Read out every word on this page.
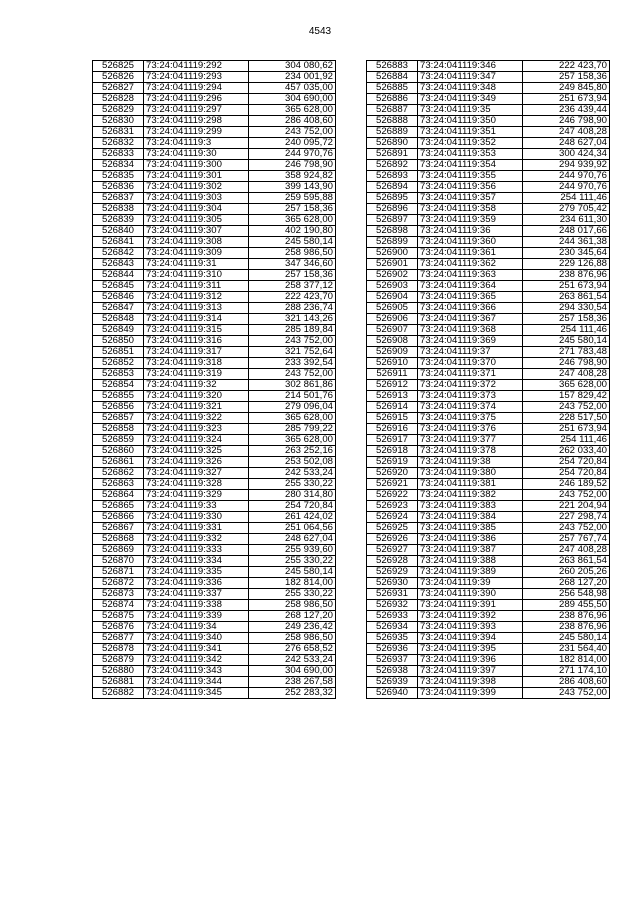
4543
526825	73:24:041119:292	304 080,62
526826	73:24:041119:293	234 001,92
526827	73:24:041119:294	457 035,00
526828	73:24:041119:296	304 690,00
526829	73:24:041119:297	365 628,00
526830	73:24:041119:298	286 408,60
526831	73:24:041119:299	243 752,00
526832	73:24:041119:3	240 095,72
526833	73:24:041119:30	244 970,76
526834	73:24:041119:300	246 798,90
526835	73:24:041119:301	358 924,82
526836	73:24:041119:302	399 143,90
526837	73:24:041119:303	259 595,88
526838	73:24:041119:304	257 158,36
526839	73:24:041119:305	365 628,00
526840	73:24:041119:307	402 190,80
526841	73:24:041119:308	245 580,14
526842	73:24:041119:309	258 986,50
526843	73:24:041119:31	347 346,60
526844	73:24:041119:310	257 158,36
526845	73:24:041119:311	258 377,12
526846	73:24:041119:312	222 423,70
526847	73:24:041119:313	288 236,74
526848	73:24:041119:314	321 143,26
526849	73:24:041119:315	285 189,84
526850	73:24:041119:316	243 752,00
526851	73:24:041119:317	321 752,64
526852	73:24:041119:318	233 392,54
526853	73:24:041119:319	243 752,00
526854	73:24:041119:32	302 861,86
526855	73:24:041119:320	214 501,76
526856	73:24:041119:321	279 096,04
526857	73:24:041119:322	365 628,00
526858	73:24:041119:323	285 799,22
526859	73:24:041119:324	365 628,00
526860	73:24:041119:325	263 252,16
526861	73:24:041119:326	253 502,08
526862	73:24:041119:327	242 533,24
526863	73:24:041119:328	255 330,22
526864	73:24:041119:329	280 314,80
526865	73:24:041119:33	254 720,84
526866	73:24:041119:330	261 424,02
526867	73:24:041119:331	251 064,56
526868	73:24:041119:332	248 627,04
526869	73:24:041119:333	255 939,60
526870	73:24:041119:334	255 330,22
526871	73:24:041119:335	245 580,14
526872	73:24:041119:336	182 814,00
526873	73:24:041119:337	255 330,22
526874	73:24:041119:338	258 986,50
526875	73:24:041119:339	268 127,20
526876	73:24:041119:34	249 236,42
526877	73:24:041119:340	258 986,50
526878	73:24:041119:341	276 658,52
526879	73:24:041119:342	242 533,24
526880	73:24:041119:343	304 690,00
526881	73:24:041119:344	238 267,58
526882	73:24:041119:345	252 283,32
526883	73:24:041119:346	222 423,70
526884	73:24:041119:347	257 158,36
526885	73:24:041119:348	249 845,80
526886	73:24:041119:349	251 673,94
526887	73:24:041119:35	236 439,44
526888	73:24:041119:350	246 798,90
526889	73:24:041119:351	247 408,28
526890	73:24:041119:352	248 627,04
526891	73:24:041119:353	300 424,34
526892	73:24:041119:354	294 939,92
526893	73:24:041119:355	244 970,76
526894	73:24:041119:356	244 970,76
526895	73:24:041119:357	254 111,46
526896	73:24:041119:358	279 705,42
526897	73:24:041119:359	234 611,30
526898	73:24:041119:36	248 017,66
526899	73:24:041119:360	244 361,38
526900	73:24:041119:361	230 345,64
526901	73:24:041119:362	229 126,88
526902	73:24:041119:363	238 876,96
526903	73:24:041119:364	251 673,94
526904	73:24:041119:365	263 861,54
526905	73:24:041119:366	294 330,54
526906	73:24:041119:367	257 158,36
526907	73:24:041119:368	254 111,46
526908	73:24:041119:369	245 580,14
526909	73:24:041119:37	271 783,48
526910	73:24:041119:370	246 798,90
526911	73:24:041119:371	247 408,28
526912	73:24:041119:372	365 628,00
526913	73:24:041119:373	157 829,42
526914	73:24:041119:374	243 752,00
526915	73:24:041119:375	228 517,50
526916	73:24:041119:376	251 673,94
526917	73:24:041119:377	254 111,46
526918	73:24:041119:378	262 033,40
526919	73:24:041119:38	254 720,84
526920	73:24:041119:380	254 720,84
526921	73:24:041119:381	246 189,52
526922	73:24:041119:382	243 752,00
526923	73:24:041119:383	221 204,94
526924	73:24:041119:384	227 298,74
526925	73:24:041119:385	243 752,00
526926	73:24:041119:386	257 767,74
526927	73:24:041119:387	247 408,28
526928	73:24:041119:388	263 861,54
526929	73:24:041119:389	260 205,26
526930	73:24:041119:39	268 127,20
526931	73:24:041119:390	256 548,98
526932	73:24:041119:391	289 455,50
526933	73:24:041119:392	238 876,96
526934	73:24:041119:393	238 876,96
526935	73:24:041119:394	245 580,14
526936	73:24:041119:395	231 564,40
526937	73:24:041119:396	182 814,00
526938	73:24:041119:397	271 174,10
526939	73:24:041119:398	286 408,60
526940	73:24:041119:399	243 752,00
